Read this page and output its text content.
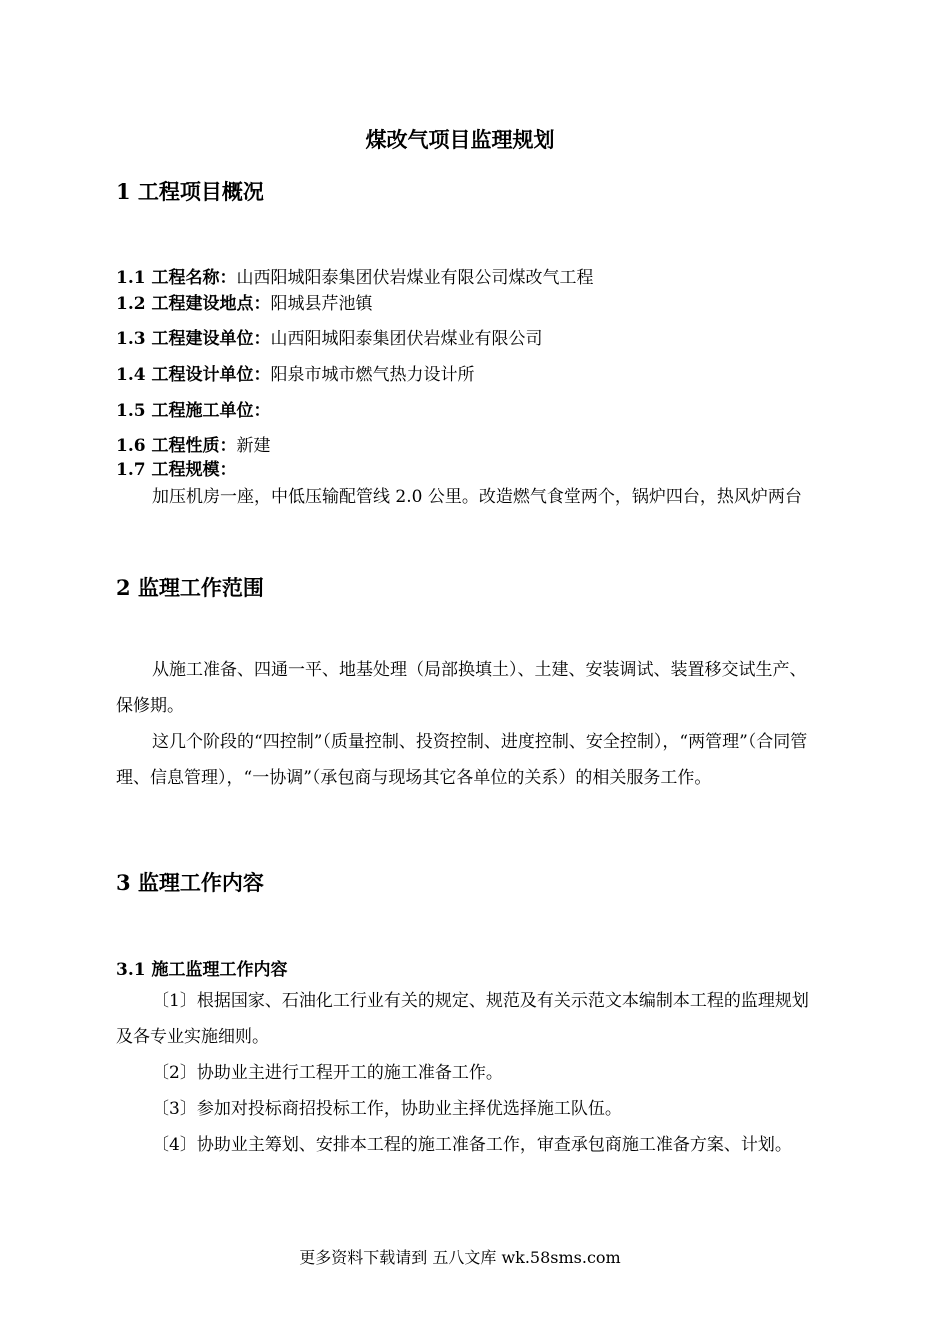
煤改气项目监理规划
1 工程项目概况
1.1 工程名称：山西阳城阳泰集团伏岩煤业有限公司煤改气工程
1.2 工程建设地点：阳城县芹池镇
1.3 工程建设单位：山西阳城阳泰集团伏岩煤业有限公司
1.4 工程设计单位：阳泉市城市燃气热力设计所
1.5 工程施工单位：
1.6 工程性质：新建
1.7 工程规模：
加压机房一座，中低压输配管线 2.0 公里。改造燃气食堂两个，锅炉四台，热风炉两台
2 监理工作范围
从施工准备、四通一平、地基处理（局部换填土）、土建、安装调试、装置移交试生产、保修期。
这几个阶段的“四控制”（质量控制、投资控制、进度控制、安全控制），“两管理”（合同管理、信息管理），“一协调”（承包商与现场其它各单位的关系）的相关服务工作。
3 监理工作内容
3.1 施工监理工作内容
〔1〕根据国家、石油化工行业有关的规定、规范及有关示范文本编制本工程的监理规划及各专业实施细则。
〔2〕协助业主进行工程开工的施工准备工作。
〔3〕参加对投标商招投标工作，协助业主择优选择施工队伍。
〔4〕协助业主筹划、安排本工程的施工准备工作，审查承包商施工准备方案、计划。
更多资料下载请到 五八文库 wk.58sms.com
